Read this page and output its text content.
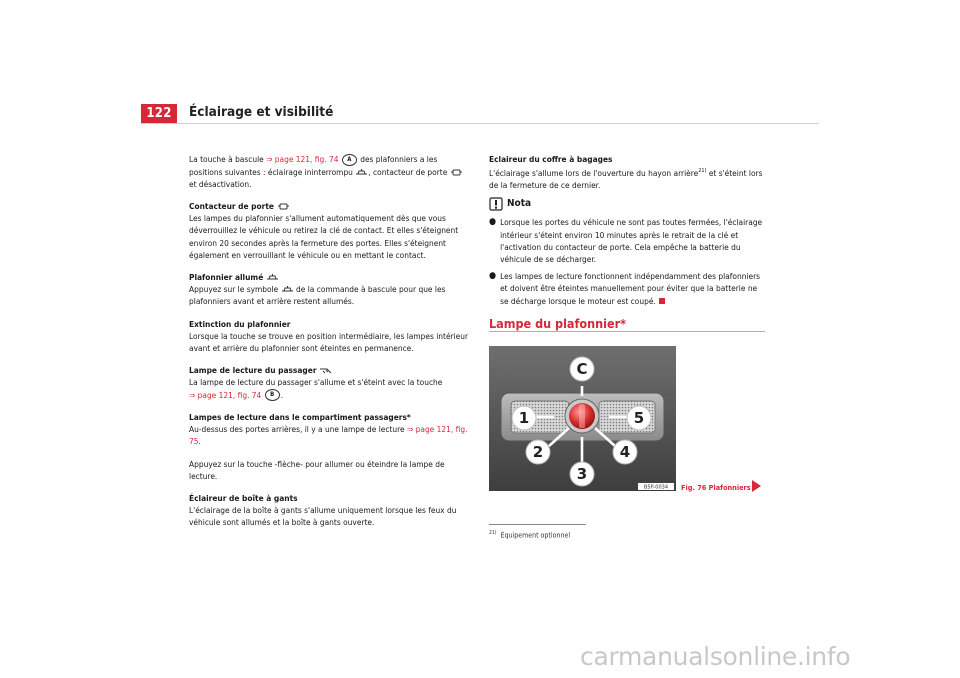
122	Éclairage et visibilité

La touche à bascule ⇒ page 121, fig. 74 A des plafonniers a les positions suivantes : éclairage ininterrompu , contacteur de porte  et désactivation.

Contacteur de porte
Les lampes du plafonnier s'allument automatiquement dès que vous déverrouillez le véhicule ou retirez la clé de contact. Et elles s'éteignent environ 20 secondes après la fermeture des portes. Elles s'éteignent également en verrouillant le véhicule ou en mettant le contact.

Plafonnier allumé
Appuyez sur le symbole  de la commande à bascule pour que les plafonniers avant et arrière restent allumés.

Extinction du plafonnier
Lorsque la touche se trouve en position intermédiaire, les lampes intérieur avant et arrière du plafonnier sont éteintes en permanence.

Lampe de lecture du passager
La lampe de lecture du passager s'allume et s'éteint avec la touche
⇒ page 121, fig. 74 B .

Lampes de lecture dans le compartiment passagers*
Au-dessus des portes arrières, il y a une lampe de lecture ⇒ page 121, fig. 75.

Appuyez sur la touche -flèche- pour allumer ou éteindre la lampe de lecture.

Éclaireur de boîte à gants
L'éclairage de la boîte à gants s'allume uniquement lorsque les feux du véhicule sont allumés et la boîte à gants ouverte.

Eclaireur du coffre à bagages
L'éclairage s'allume lors de l'ouverture du hayon arrière$^{21)}$ et s'éteint lors de la fermeture de ce dernier.

Nota
● Lorsque les portes du véhicule ne sont pas toutes fermées, l'éclairage intérieur s'éteint environ 10 minutes après le retrait de la clé et l'activation du contacteur de porte. Cela empêche la batterie du véhicule de se décharger.
● Les lampes de lecture fonctionnent indépendamment des plafonniers et doivent être éteintes manuellement pour éviter que la batterie ne se décharge lorsque le moteur est coupé.
Lampe du plafonnier*
C
1
2
3
4
5
B5P-0034 Fig. 76 Plafonniers
$^{21)}$ Équipement optionnel
carmanualsonline.info
